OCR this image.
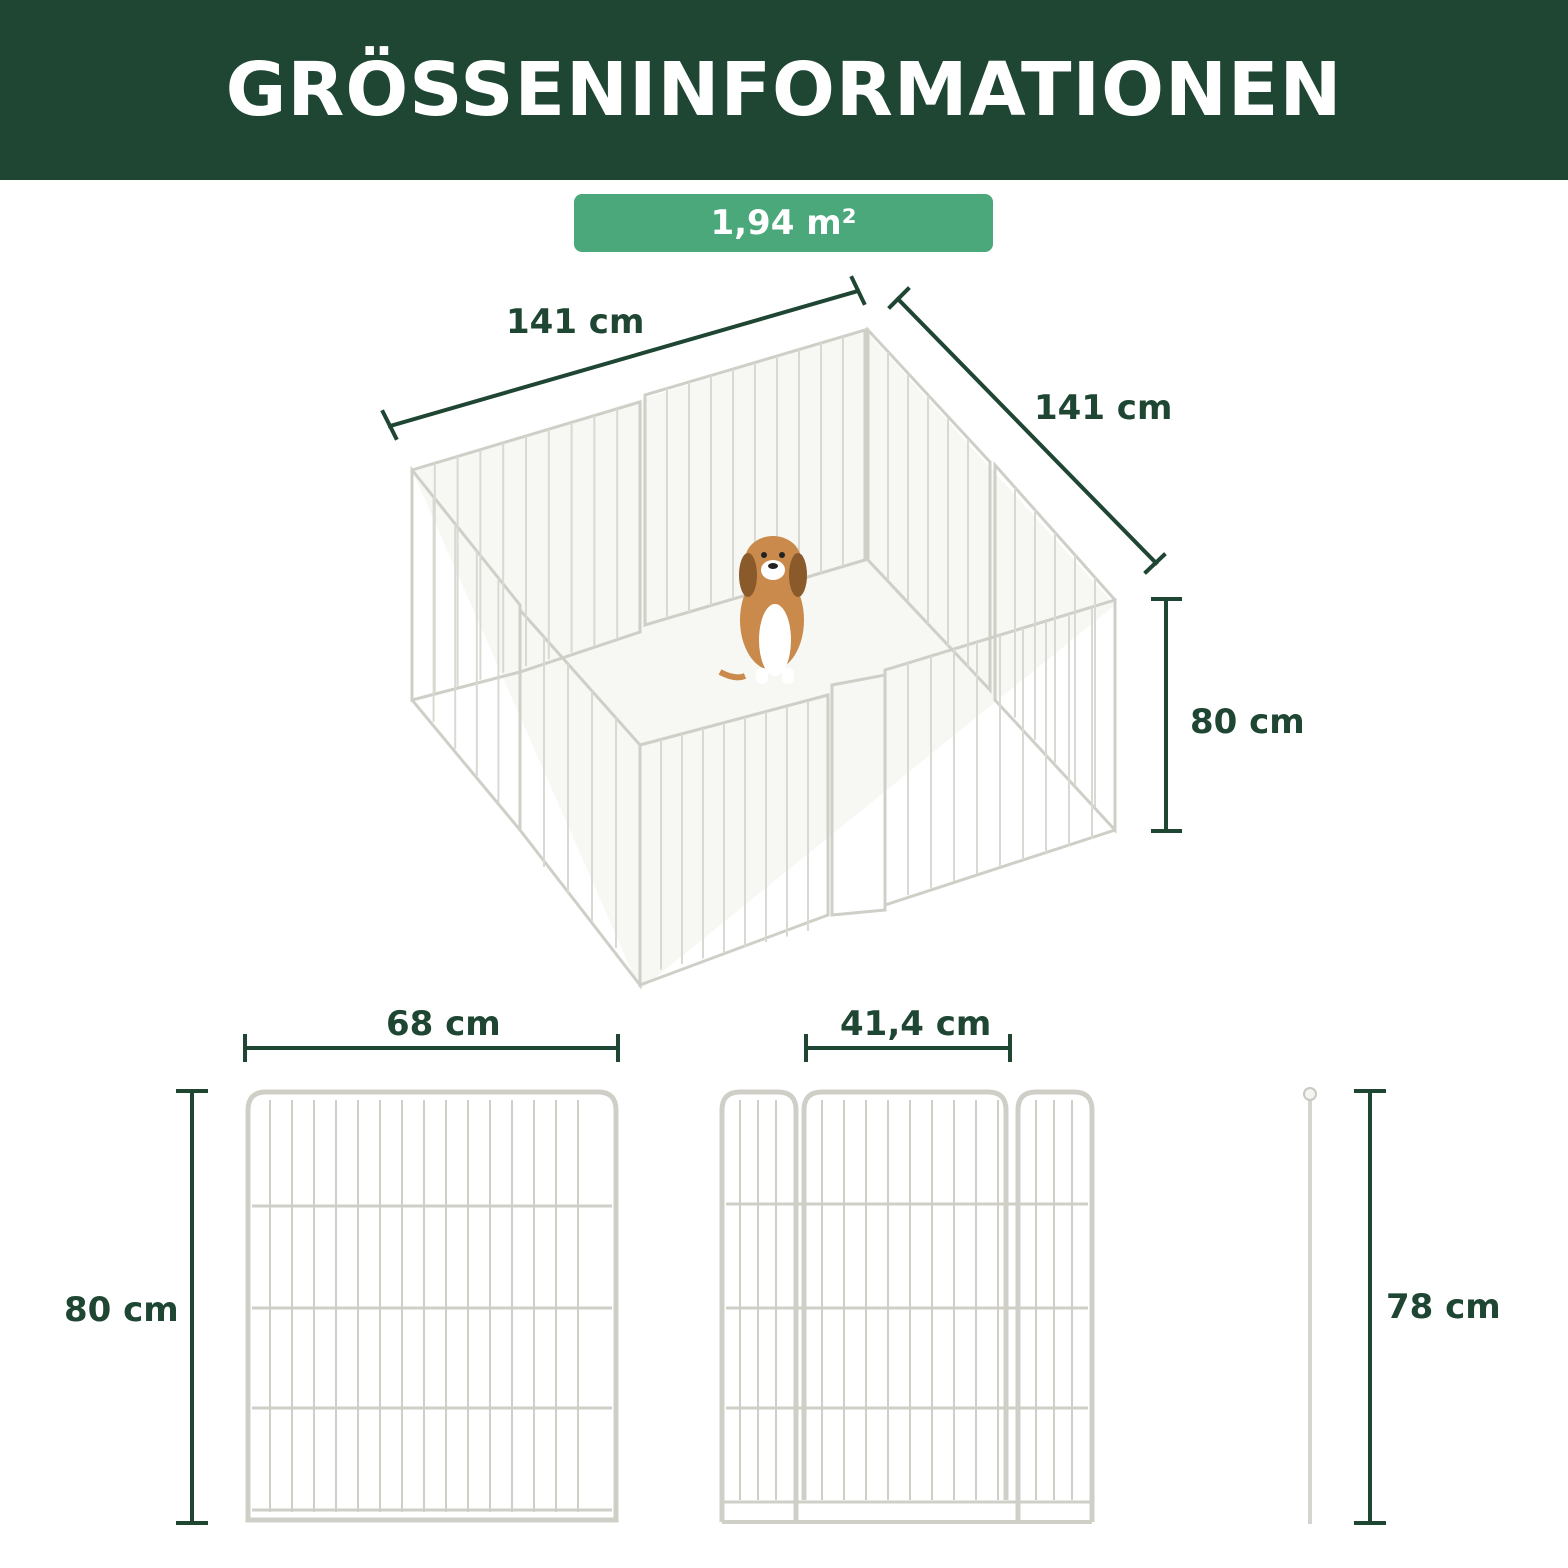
GRÖSSENINFORMATIONEN
1,94 m²
141 cm
141 cm
80 cm
68 cm	41,4 cm
80 cm	78 cm
